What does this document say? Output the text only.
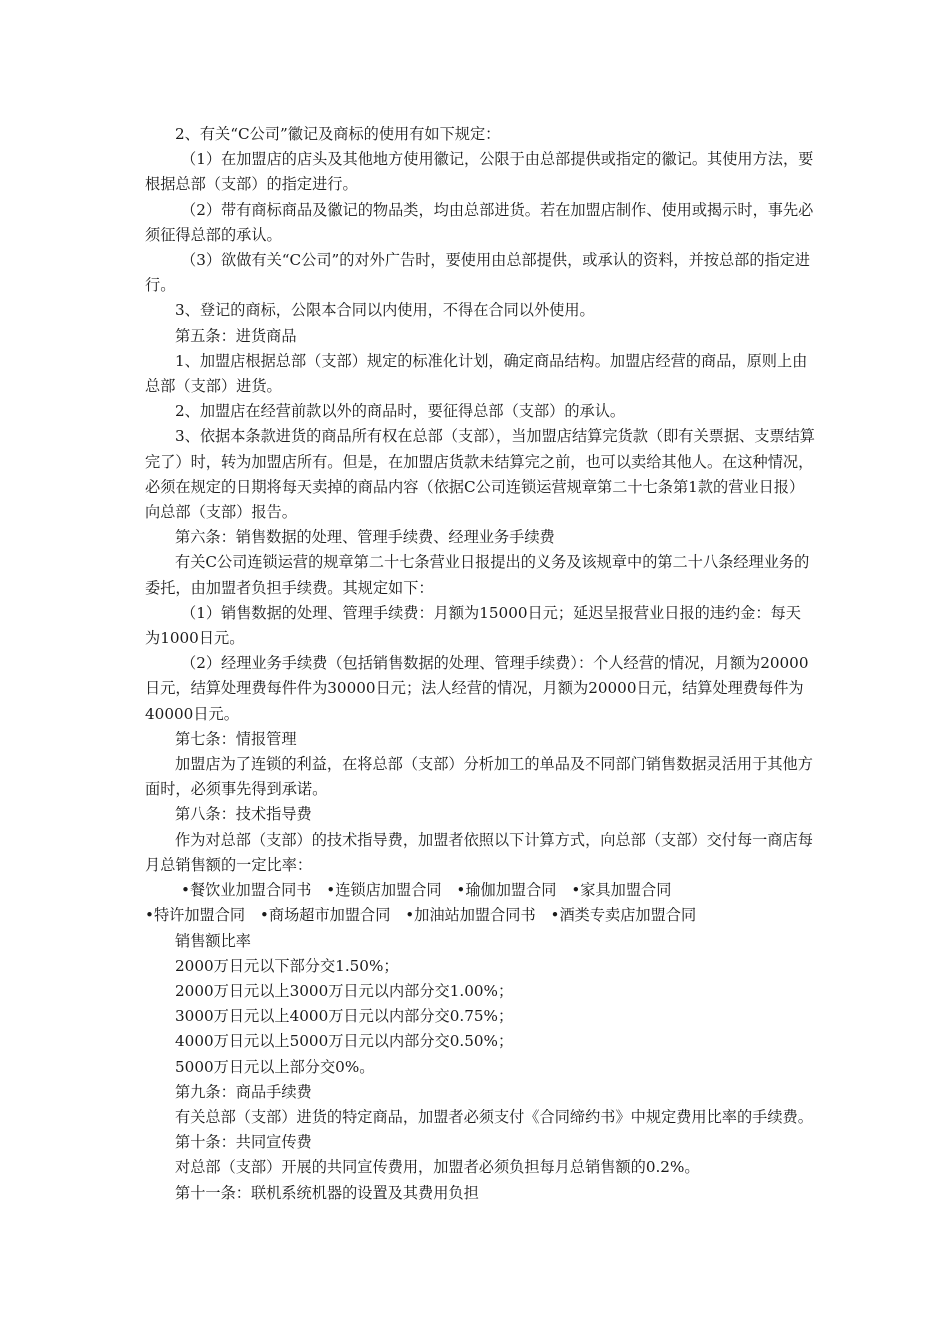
2、有关“C公司”徽记及商标的使用有如下规定：

（1）在加盟店的店头及其他地方使用徽记，公限于由总部提供或指定的徽记。其使用方法，要根据总部（支部）的指定进行。

（2）带有商标商品及徽记的物品类，均由总部进货。若在加盟店制作、使用或揭示时，事先必须征得总部的承认。

（3）欲做有关“C公司”的对外广告时，要使用由总部提供，或承认的资料，并按总部的指定进行。

3、登记的商标，公限本合同以内使用，不得在合同以外使用。

第五条：进货商品

1、加盟店根据总部（支部）规定的标准化计划，确定商品结构。加盟店经营的商品，原则上由总部（支部）进货。

2、加盟店在经营前款以外的商品时，要征得总部（支部）的承认。

3、依据本条款进货的商品所有权在总部（支部），当加盟店结算完货款（即有关票据、支票结算完了）时，转为加盟店所有。但是，在加盟店货款未结算完之前，也可以卖给其他人。在这种情况，必须在规定的日期将每天卖掉的商品内容（依据C公司连锁运营规章第二十七条第1款的营业日报）向总部（支部）报告。

第六条：销售数据的处理、管理手续费、经理业务手续费

有关C公司连锁运营的规章第二十七条营业日报提出的义务及该规章中的第二十八条经理业务的委托，由加盟者负担手续费。其规定如下：

（1）销售数据的处理、管理手续费：月额为15000日元；延迟呈报营业日报的违约金：每天为1000日元。

（2）经理业务手续费（包括销售数据的处理、管理手续费）：个人经营的情况，月额为20000日元，结算处理费每件件为30000日元；法人经营的情况，月额为20000日元，结算处理费每件为40000日元。

第七条：情报管理

加盟店为了连锁的利益，在将总部（支部）分析加工的单品及不同部门销售数据灵活用于其他方面时，必须事先得到承诺。

第八条：技术指导费

作为对总部（支部）的技术指导费，加盟者依照以下计算方式，向总部（支部）交付每一商店每月总销售额的一定比率：

•餐饮业加盟合同书 •连锁店加盟合同 •瑜伽加盟合同 •家具加盟合同
•特许加盟合同 •商场超市加盟合同 •加油站加盟合同书 •酒类专卖店加盟合同

销售额比率

2000万日元以下部分交1.50%；

2000万日元以上3000万日元以内部分交1.00%；

3000万日元以上4000万日元以内部分交0.75%；

4000万日元以上5000万日元以内部分交0.50%；

5000万日元以上部分交0%。

第九条：商品手续费

有关总部（支部）进货的特定商品，加盟者必须支付《合同缔约书》中规定费用比率的手续费。

第十条：共同宣传费

对总部（支部）开展的共同宣传费用，加盟者必须负担每月总销售额的0.2%。

第十一条：联机系统机器的设置及其费用负担
